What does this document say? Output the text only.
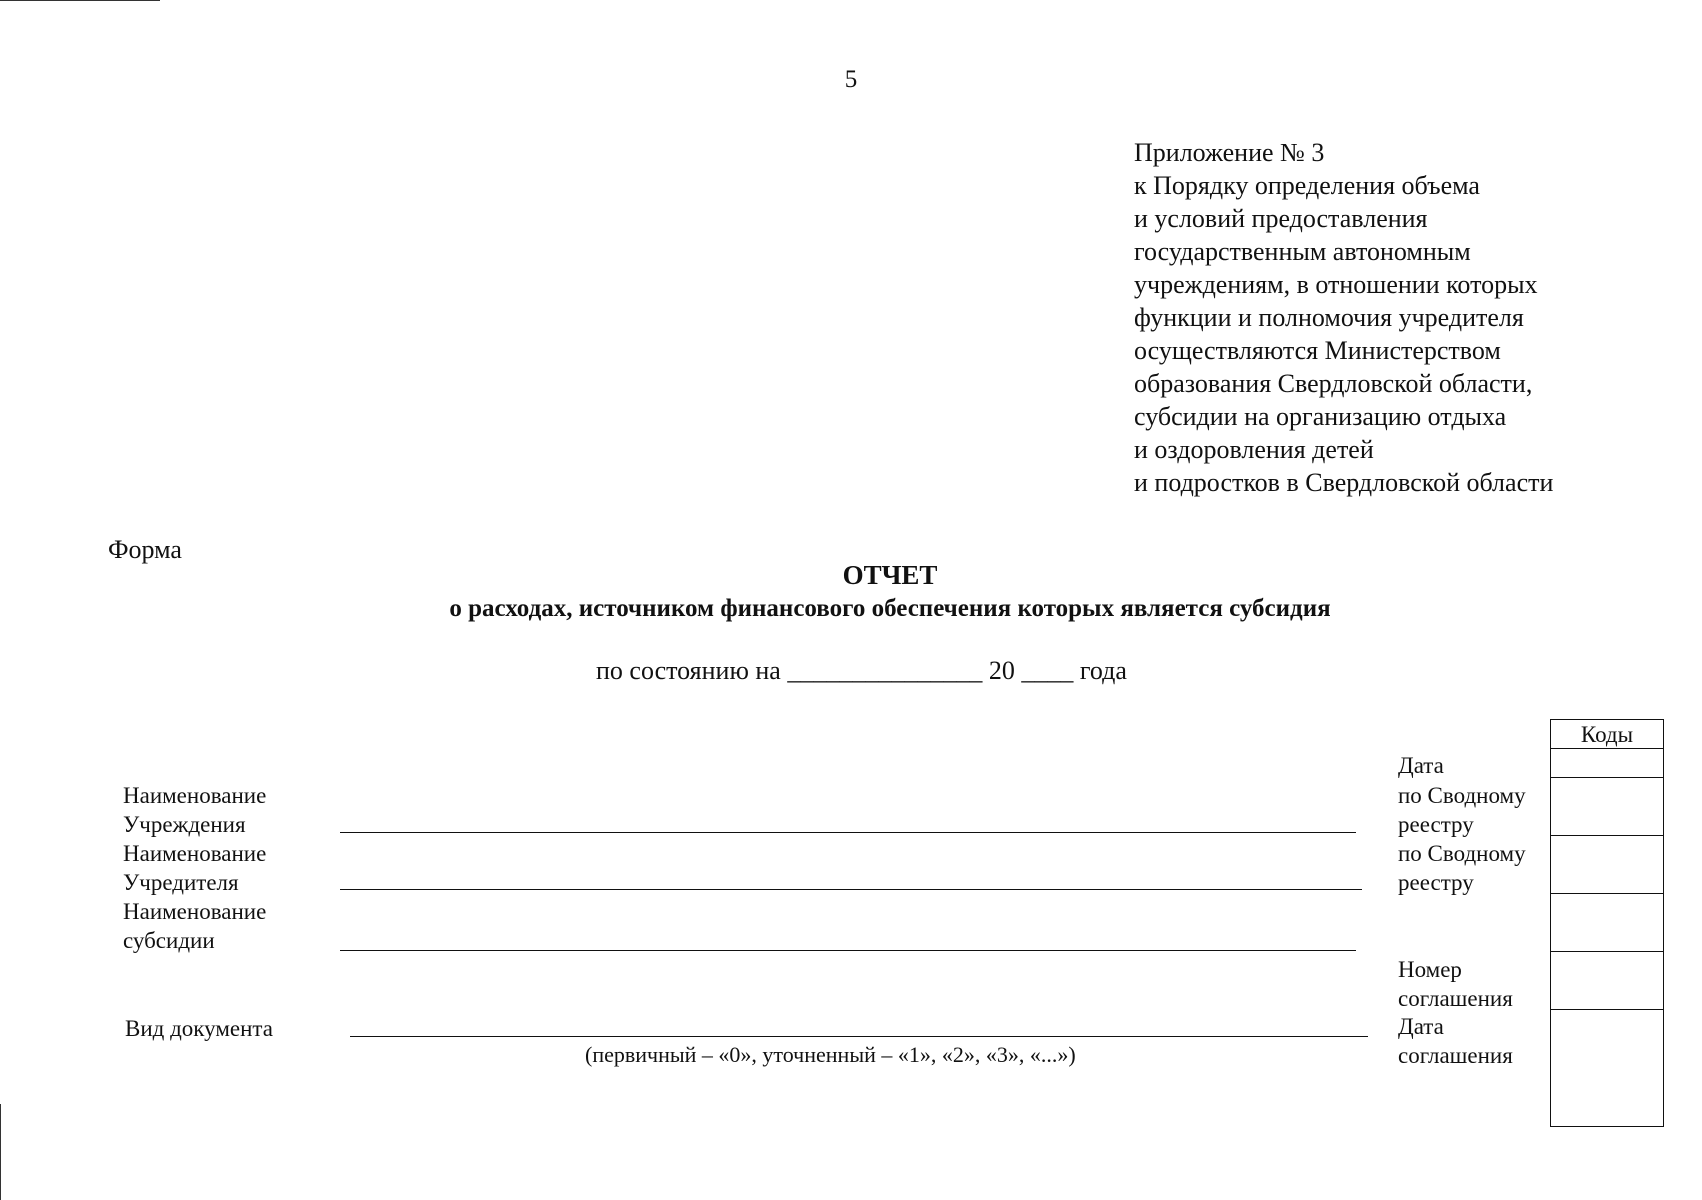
5
Приложение № 3
к Порядку определения объема
и условий предоставления
государственным автономным
учреждениям, в отношении которых
функции и полномочия учредителя
осуществляются Министерством
образования Свердловской области,
субсидии на организацию отдыха
и оздоровления детей
и подростков в Свердловской области
Форма
ОТЧЕТ
о расходах, источником финансового обеспечения которых является субсидия
по состоянию на _______________ 20 ____ года
Наименование
Учреждения
Наименование
Учредителя
Наименование
субсидии
Вид документа
(первичный – «0», уточненный – «1», «2», «3», «...»)
Дата
по Сводному
реестру
по Сводному
реестру
Номер
соглашения
Дата
соглашения
Коды
